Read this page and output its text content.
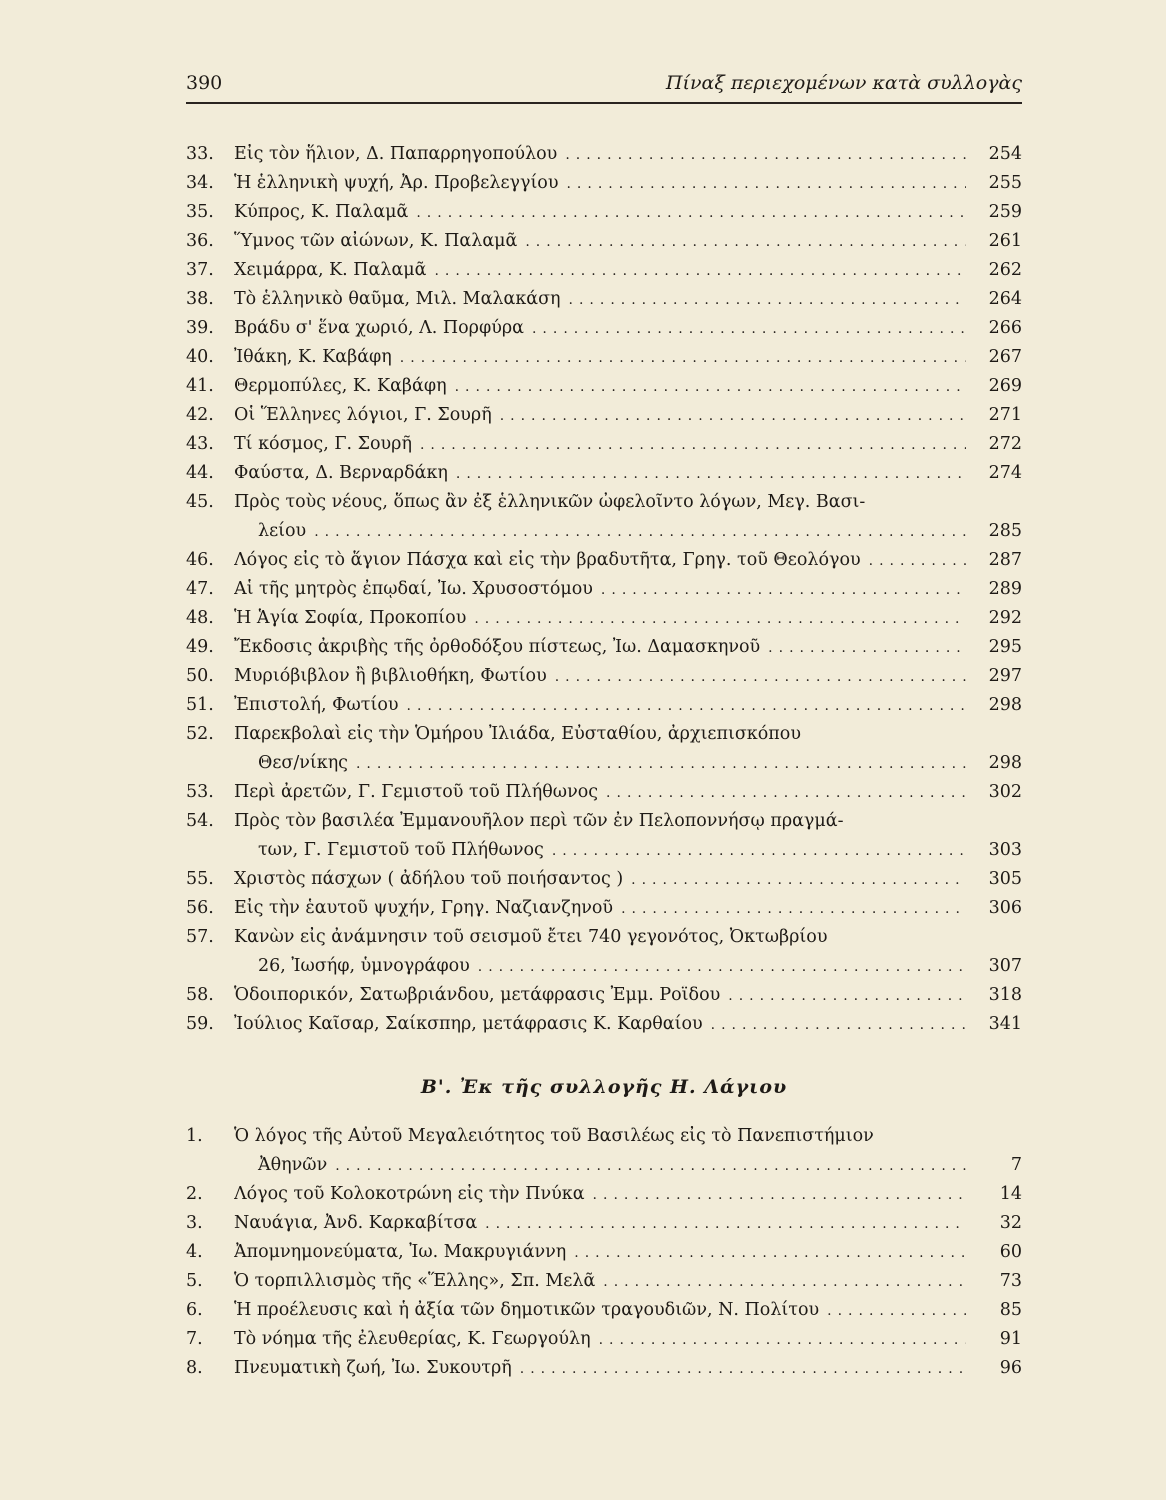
390	Πίναξ περιεχομένων κατὰ συλλογὰς
33.	Εἰς τὸν ἥλιον, Δ. Παπαρρηγοπούλου .....	254
34.	Ἡ ἑλληνικὴ ψυχή, Ἀρ. Προβελεγγίου .....	255
35.	Κύπρος, Κ. Παλαμᾶ .....	259
36.	Ὕμνος τῶν αἰώνων, Κ. Παλαμᾶ .....	261
37.	Χειμάρρα, Κ. Παλαμᾶ .....	262
38.	Τὸ ἑλληνικὸ θαῦμα, Μιλ. Μαλακάση .....	264
39.	Βράδυ σ' ἕνα χωριό, Λ. Πορφύρα .....	266
40.	Ἰθάκη, Κ. Καβάφη .....	267
41.	Θερμοπύλες, Κ. Καβάφη .....	269
42.	Οἱ Ἕλληνες λόγιοι, Γ. Σουρῆ .....	271
43.	Τί κόσμος, Γ. Σουρῆ .....	272
44.	Φαύστα, Δ. Βερναρδάκη .....	274
45.	Πρὸς τοὺς νέους, ὅπως ἂν ἐξ ἑλληνικῶν ὠφελοῖντο λόγων, Μεγ. Βασι-
λείου .....	285
46.	Λόγος εἰς τὸ ἅγιον Πάσχα καὶ εἰς τὴν βραδυτῆτα, Γρηγ. τοῦ Θεολόγου .....	287
47.	Αἱ τῆς μητρὸς ἐπῳδαί, Ἰω. Χρυσοστόμου .....	289
48.	Ἡ Ἁγία Σοφία, Προκοπίου .....	292
49.	Ἔκδοσις ἀκριβὴς τῆς ὀρθοδόξου πίστεως, Ἰω. Δαμασκηνοῦ .....	295
50.	Μυριόβιβλον ἢ βιβλιοθήκη, Φωτίου .....	297
51.	Ἐπιστολή, Φωτίου .....	298
52.	Παρεκβολαὶ εἰς τὴν Ὁμήρου Ἰλιάδα, Εὐσταθίου, ἀρχιεπισκόπου
Θεσ/νίκης .....	298
53.	Περὶ ἀρετῶν, Γ. Γεμιστοῦ τοῦ Πλήθωνος .....	302
54.	Πρὸς τὸν βασιλέα Ἐμμανουῆλον περὶ τῶν ἐν Πελοποννήσῳ πραγμά-
των, Γ. Γεμιστοῦ τοῦ Πλήθωνος .....	303
55.	Χριστὸς πάσχων ( ἀδήλου τοῦ ποιήσαντος ) .....	305
56.	Εἰς τὴν ἑαυτοῦ ψυχήν, Γρηγ. Ναζιανζηνοῦ .....	306
57.	Κανὼν εἰς ἀνάμνησιν τοῦ σεισμοῦ ἔτει 740 γεγονότος, Ὀκτωβρίου
26, Ἰωσήφ, ὑμνογράφου .....	307
58.	Ὁδοιπορικόν, Σατωβριάνδου, μετάφρασις Ἐμμ. Ροΐδου .....	318
59.	Ἰούλιος Καῖσαρ, Σαίκσπηρ, μετάφρασις Κ. Καρθαίου .....	341
Β'. Ἐκ τῆς συλλογῆς Η. Λάγιου
1.	Ὁ λόγος τῆς Αὐτοῦ Μεγαλειότητος τοῦ Βασιλέως εἰς τὸ Πανεπιστήμιον
Ἀθηνῶν .....	7
2.	Λόγος τοῦ Κολοκοτρώνη εἰς τὴν Πνύκα .....	14
3.	Ναυάγια, Ἀνδ. Καρκαβίτσα .....	32
4.	Ἀπομνημονεύματα, Ἰω. Μακρυγιάννη .....	60
5.	Ὁ τορπιλλισμὸς τῆς «Ἕλλης», Σπ. Μελᾶ .....	73
6.	Ἡ προέλευσις καὶ ἡ ἀξία τῶν δημοτικῶν τραγουδιῶν, Ν. Πολίτου .....	85
7.	Τὸ νόημα τῆς ἐλευθερίας, Κ. Γεωργούλη .....	91
8.	Πνευματικὴ ζωή, Ἰω. Συκουτρῆ .....	96
